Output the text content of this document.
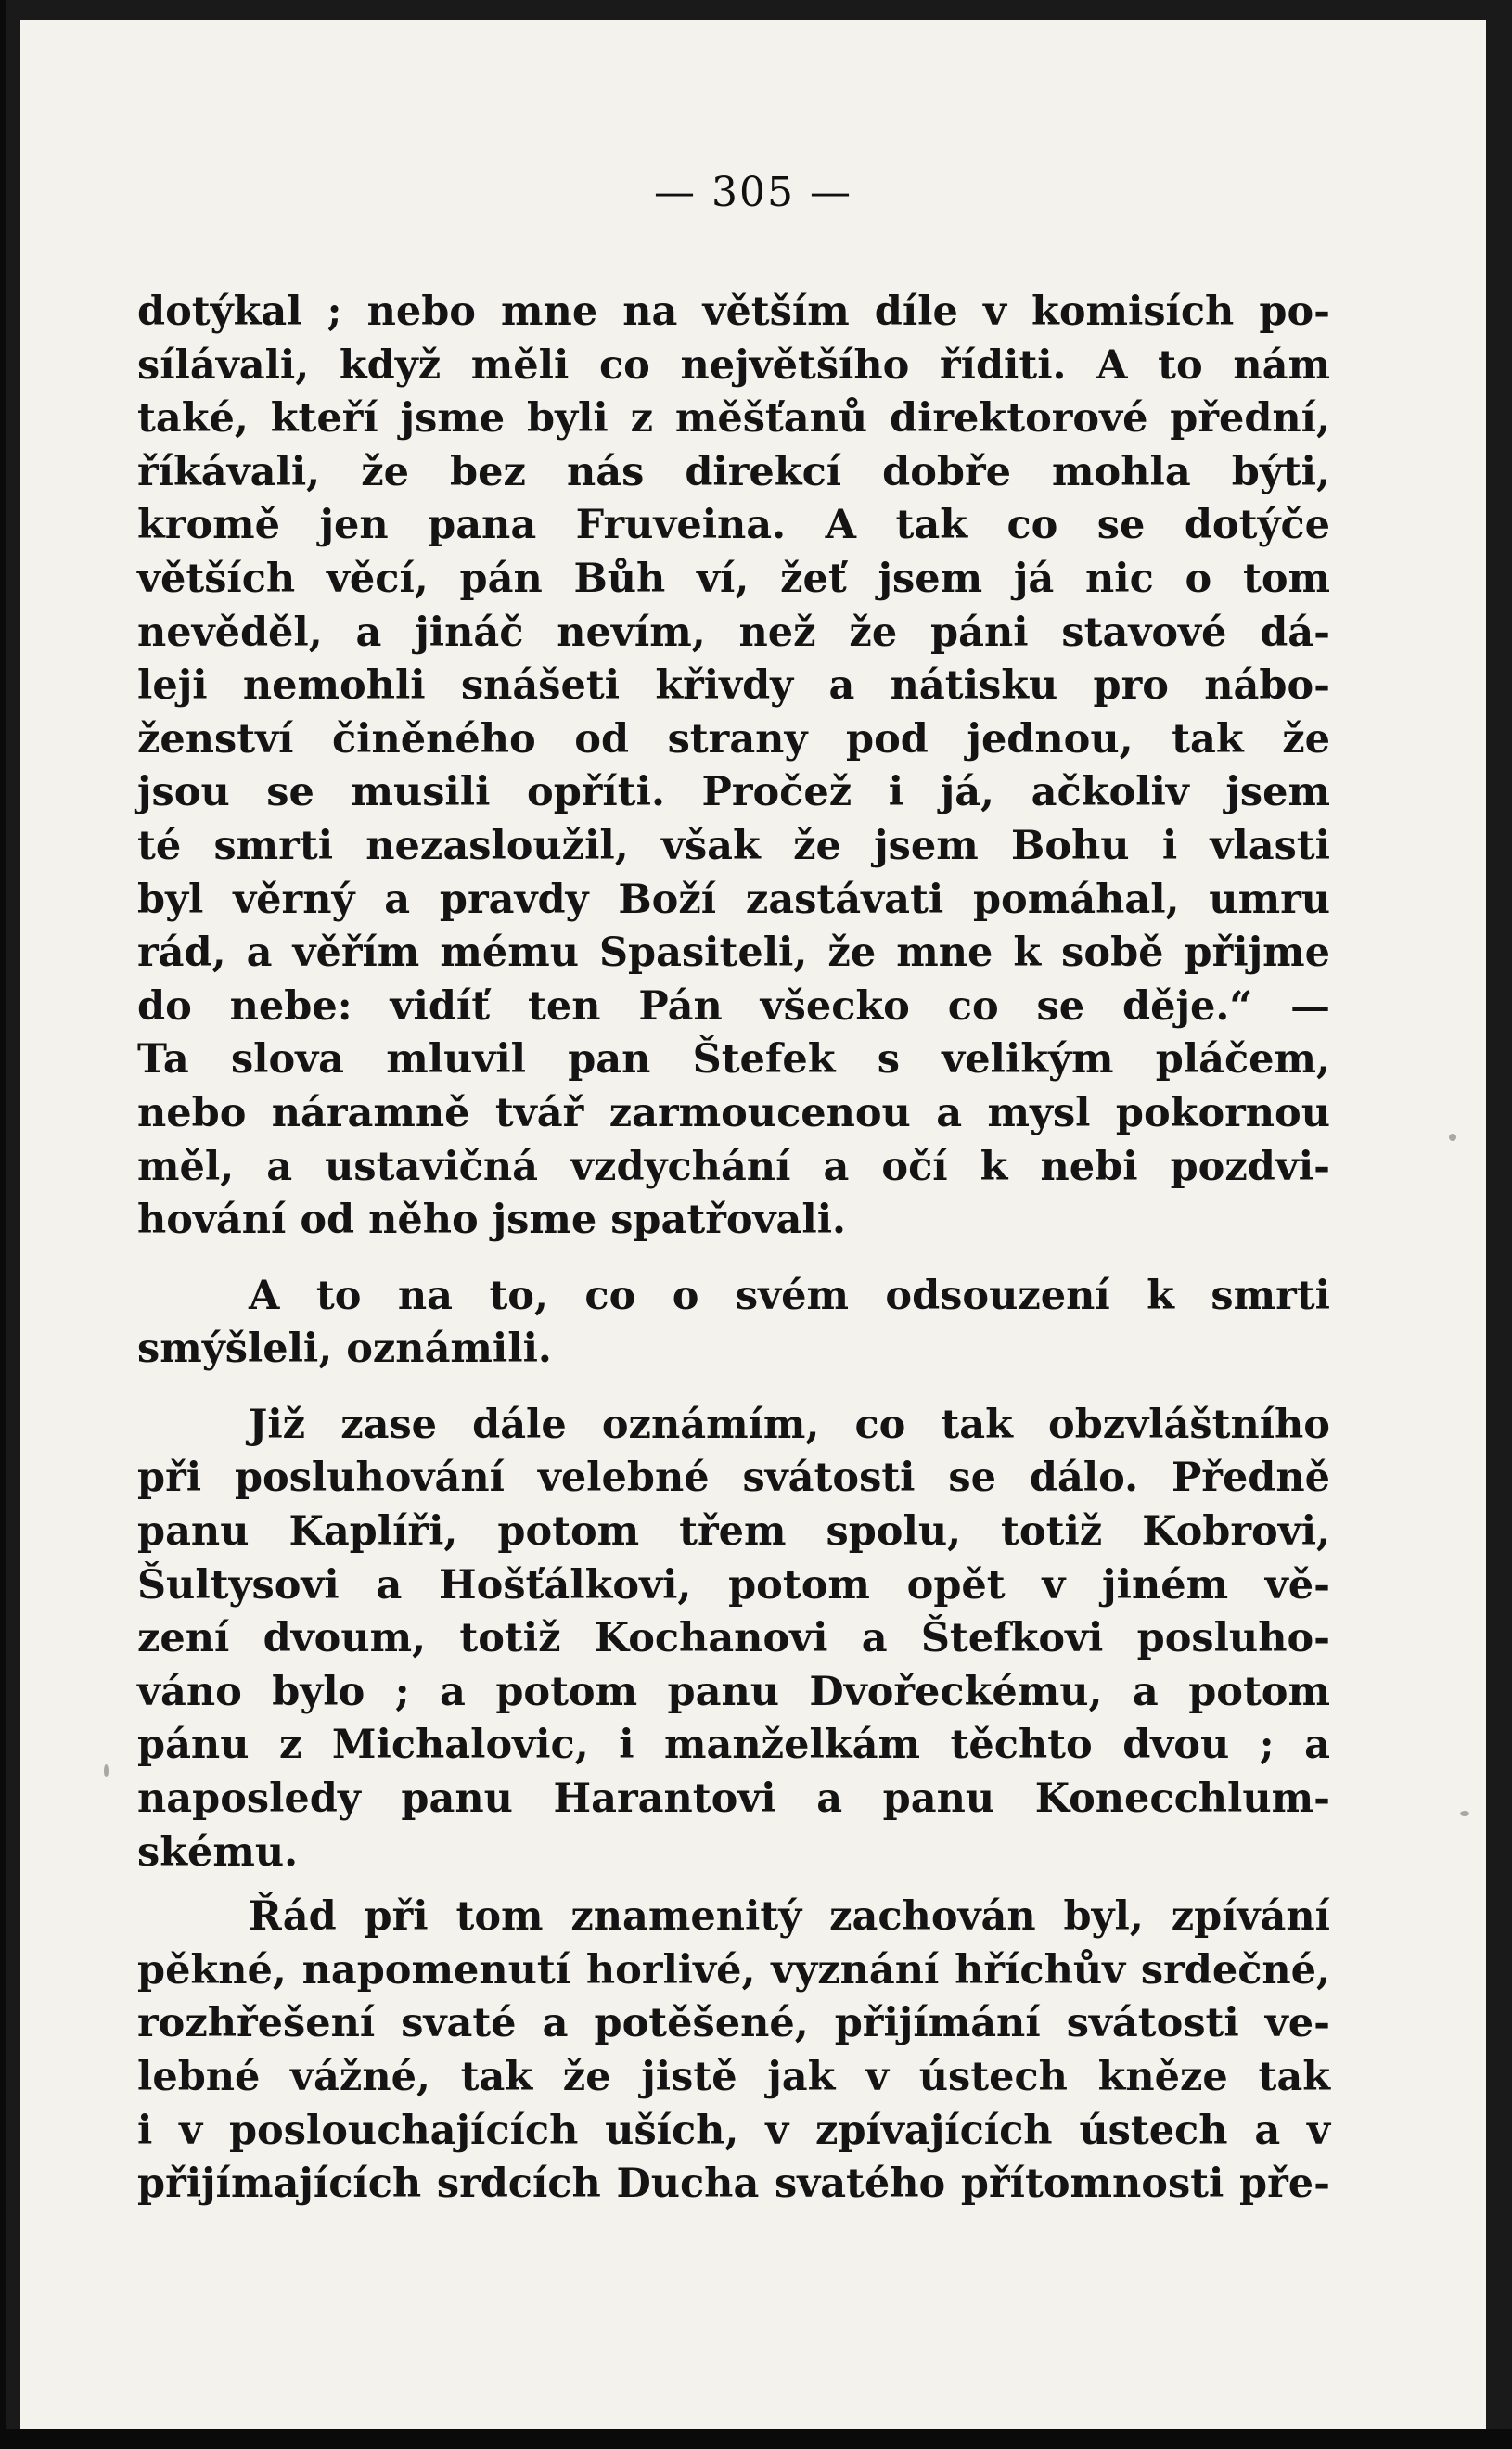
— 305 —
dotýkal ; nebo mne na větším díle v komisích po-
sílávali, když měli co největšího říditi. A to nám
také, kteří jsme byli z měšťanů direktorové přední,
říkávali, že bez nás direkcí dobře mohla býti,
kromě jen pana Fruveina. A tak co se dotýče
větších věcí, pán Bůh ví, žeť jsem já nic o tom
nevěděl, a jináč nevím, než že páni stavové dá-
leji nemohli snášeti křivdy a nátisku pro nábo-
ženství činěného od strany pod jednou, tak že
jsou se musili opříti. Pročež i já, ačkoliv jsem
té smrti nezasloužil, však že jsem Bohu i vlasti
byl věrný a pravdy Boží zastávati pomáhal, umru
rád, a věřím mému Spasiteli, že mne k sobě přijme
do nebe: vidíť ten Pán všecko co se děje.“ —
Ta slova mluvil pan Štefek s velikým pláčem,
nebo náramně tvář zarmoucenou a mysl pokornou
měl, a ustavičná vzdychání a očí k nebi pozdvi-
hování od něho jsme spatřovali.
A to na to, co o svém odsouzení k smrti
smýšleli, oznámili.
Již zase dále oznámím, co tak obzvláštního
při posluhování velebné svátosti se dálo. Předně
panu Kaplíři, potom třem spolu, totiž Kobrovi,
Šultysovi a Hošťálkovi, potom opět v jiném vě-
zení dvoum, totiž Kochanovi a Štefkovi posluho-
váno bylo ; a potom panu Dvořeckému, a potom
pánu z Michalovic, i manželkám těchto dvou ; a
naposledy panu Harantovi a panu Konecchlum-
skému.
Řád při tom znamenitý zachován byl, zpívání
pěkné, napomenutí horlivé, vyznání hříchův srdečné,
rozhřešení svaté a potěšené, přijímání svátosti ve-
lebné vážné, tak že jistě jak v ústech kněze tak
i v poslouchajících uších, v zpívajících ústech a v
přijímajících srdcích Ducha svatého přítomnosti pře-
